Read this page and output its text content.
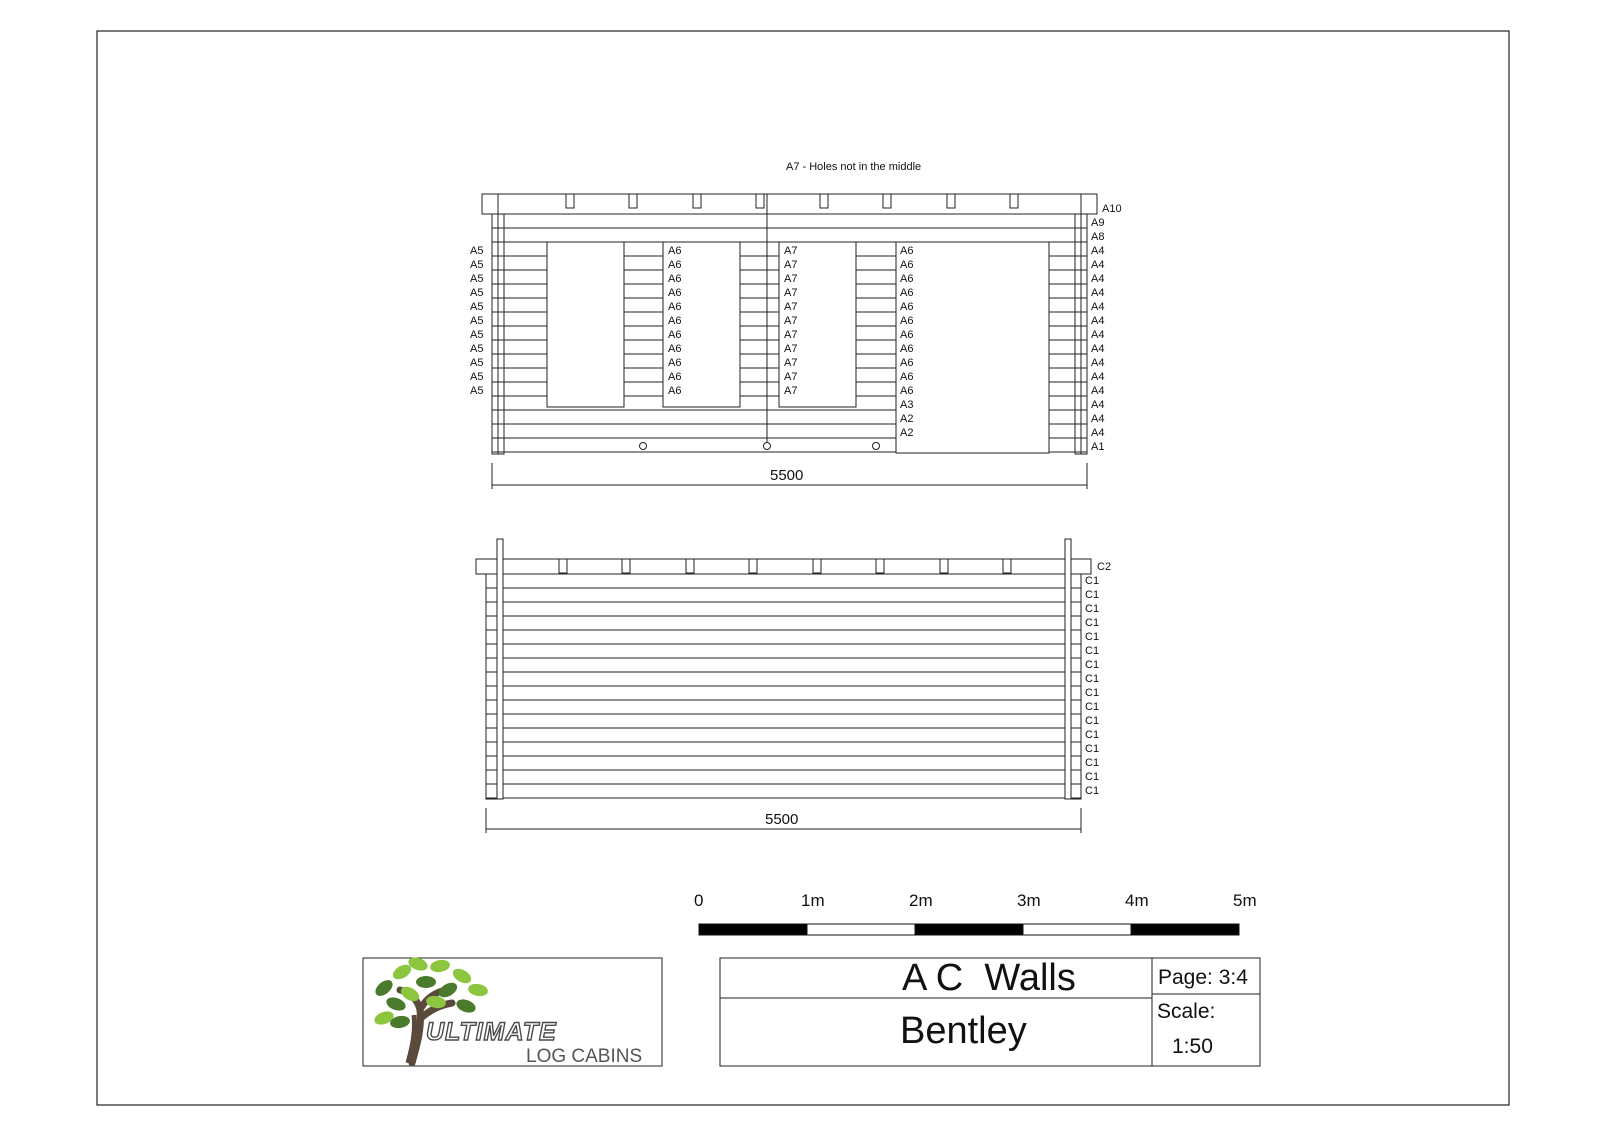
A7 - Holes not in the middle
5500
A5
A5
A5
A5
A5
A5
A5
A5
A5
A5
A5
A6
A6
A6
A6
A6
A6
A6
A6
A6
A6
A6
A7
A7
A7
A7
A7
A7
A7
A7
A7
A7
A7
A6
A6
A6
A6
A6
A6
A6
A6
A6
A6
A6
A3
A2
A2
A10
A9
A8
A4
A4
A4
A4
A4
A4
A4
A4
A4
A4
A4
A4
A4
A4
A1
5500
C2
C1
C1
C1
C1
C1
C1
C1
C1
C1
C1
C1
C1
C1
C1
C1
C1
0	1m	2m	3m	4m	5m
ULTIMATE
LOG CABINS
A C  Walls	Page: 3:4
Bentley	Scale:
1:50
